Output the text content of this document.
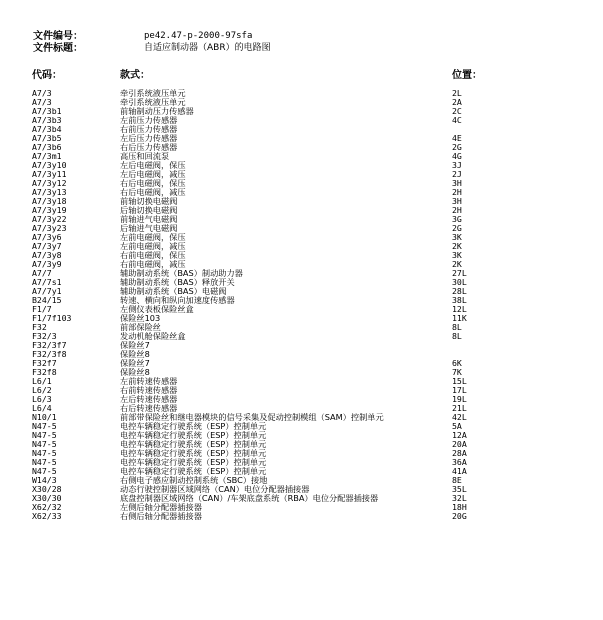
文件编号：	pe42.47-p-2000-97sfa
文件标题：	自适应制动器（ABR）的电路图
代码：	款式：	位置：
A7/3	牵引系统液压单元	2L
A7/3	牵引系统液压单元	2A
A7/3b1	前轴制动压力传感器	2C
A7/3b3	左前压力传感器	4C
A7/3b4	右前压力传感器
A7/3b5	左后压力传感器	4E
A7/3b6	右后压力传感器	2G
A7/3m1	高压和回流泵	4G
A7/3y10	左后电磁阀，保压	3J
A7/3y11	左后电磁阀，减压	2J
A7/3y12	右后电磁阀，保压	3H
A7/3y13	右后电磁阀，减压	2H
A7/3y18	前轴切换电磁阀	3H
A7/3y19	后轴切换电磁阀	2H
A7/3y22	前轴进气电磁阀	3G
A7/3y23	后轴进气电磁阀	2G
A7/3y6	左前电磁阀，保压	3K
A7/3y7	左前电磁阀，减压	2K
A7/3y8	右前电磁阀，保压	3K
A7/3y9	右前电磁阀，减压	2K
A7/7	辅助制动系统（BAS）制动助力器	27L
A7/7s1	辅助制动系统（BAS）释放开关	30L
A7/7y1	辅助制动系统（BAS）电磁阀	28L
B24/15	转速、横向和纵向加速度传感器	38L
F1/7	左侧仪表板保险丝盒	12L
F1/7f103	保险丝103	11K
F32	前部保险丝	8L
F32/3	发动机舱保险丝盒	8L
F32/3f7	保险丝7
F32/3f8	保险丝8
F32f7	保险丝7	6K
F32f8	保险丝8	7K
L6/1	左前转速传感器	15L
L6/2	右前转速传感器	17L
L6/3	左后转速传感器	19L
L6/4	右后转速传感器	21L
N10/1	前部带保险丝和继电器模块的信号采集及促动控制模组（SAM）控制单元	42L
N47-5	电控车辆稳定行驶系统（ESP）控制单元	5A
N47-5	电控车辆稳定行驶系统（ESP）控制单元	12A
N47-5	电控车辆稳定行驶系统（ESP）控制单元	20A
N47-5	电控车辆稳定行驶系统（ESP）控制单元	28A
N47-5	电控车辆稳定行驶系统（ESP）控制单元	36A
N47-5	电控车辆稳定行驶系统（ESP）控制单元	41A
W14/3	右侧电子感应制动控制系统（SBC）接地	8E
X30/28	动态行驶控制器区域网络（CAN）电位分配器插接器	35L
X30/30	底盘控制器区域网络（CAN）/车架底盘系统（RBA）电位分配器插接器	32L
X62/32	左侧后轴分配器插接器	18H
X62/33	右侧后轴分配器插接器	20G
